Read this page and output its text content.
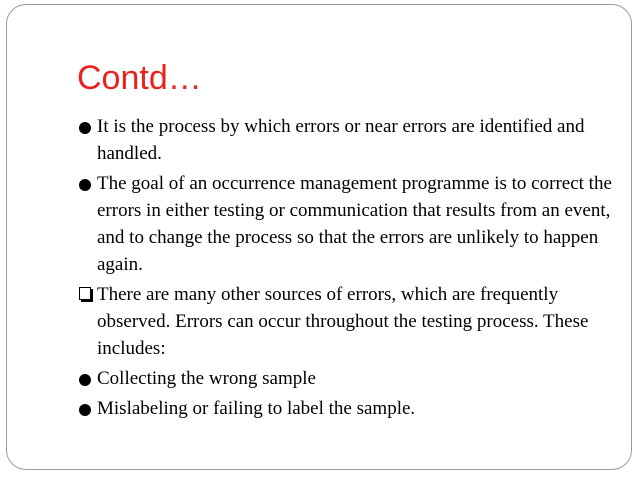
Contd…
It is the process by which errors or near errors are identified and handled.
The goal of an occurrence management programme is to correct the errors in either testing or communication that results from an event, and to change the process so that the errors are unlikely to happen again.
There are many other sources of errors, which are frequently observed. Errors can occur throughout the testing process. These includes:
Collecting the wrong sample
Mislabeling or failing to label the sample.
